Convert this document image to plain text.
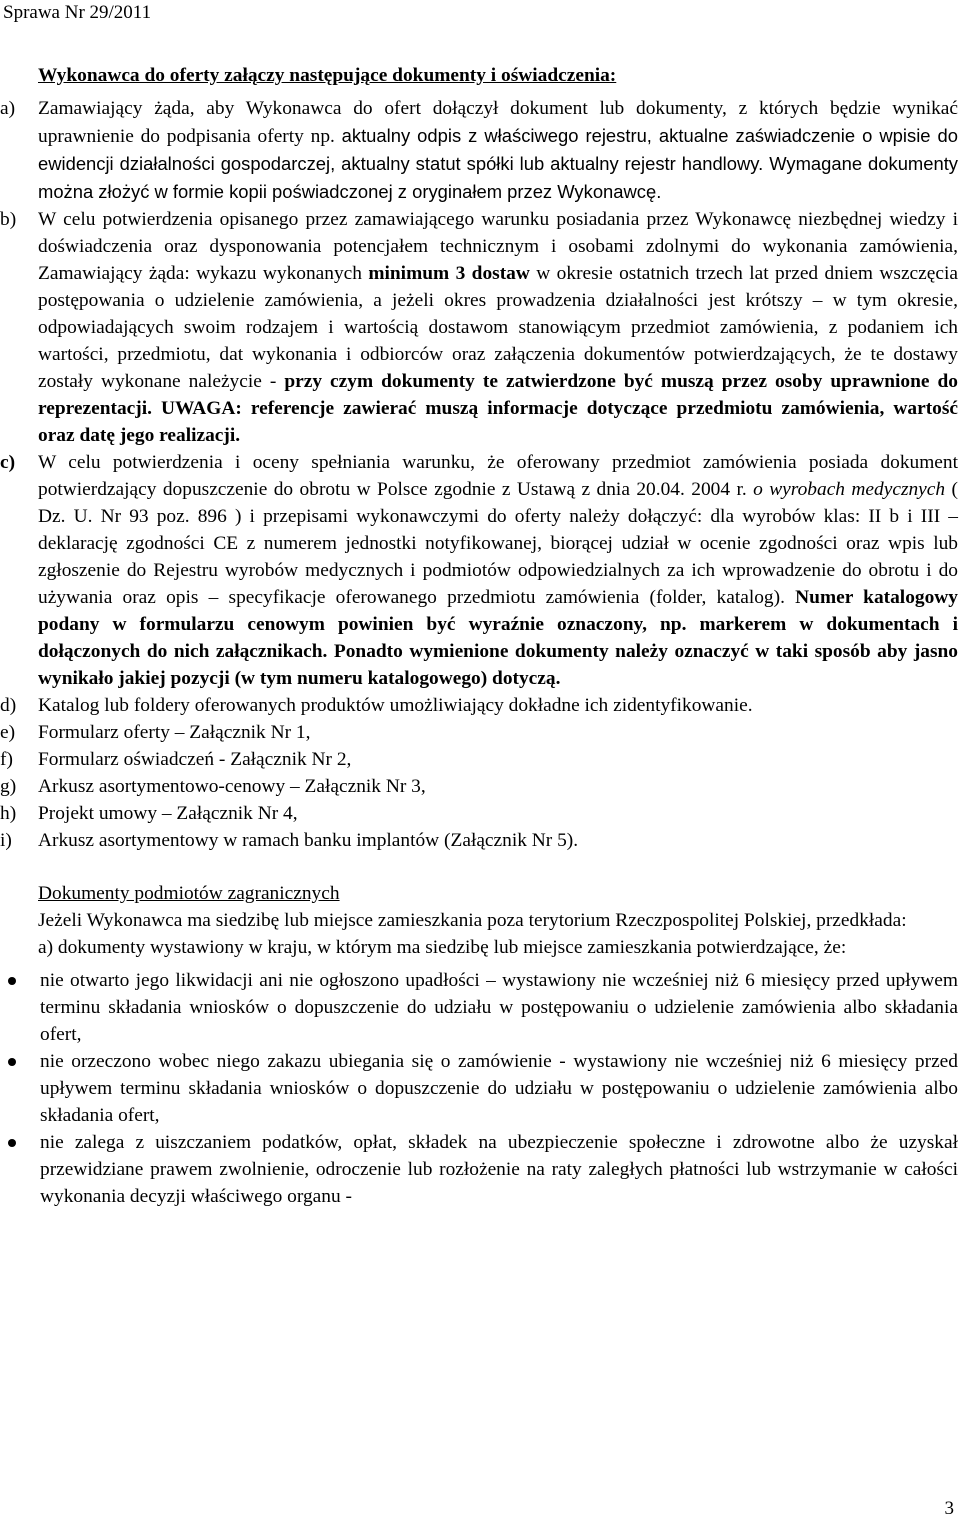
Sprawa Nr 29/2011
Wykonawca do oferty załączy następujące dokumenty i oświadczenia:
a) Zamawiający żąda, aby Wykonawca do ofert dołączył dokument lub dokumenty, z których będzie wynikać uprawnienie do podpisania oferty np. aktualny odpis z właściwego rejestru, aktualne zaświadczenie o wpisie do ewidencji działalności gospodarczej, aktualny statut spółki lub aktualny rejestr handlowy. Wymagane dokumenty można złożyć w formie kopii poświadczonej z oryginałem przez Wykonawcę.
b) W celu potwierdzenia opisanego przez zamawiającego warunku posiadania przez Wykonawcę niezbędnej wiedzy i doświadczenia oraz dysponowania potencjałem technicznym i osobami zdolnymi do wykonania zamówienia, Zamawiający żąda: wykazu wykonanych minimum 3 dostaw w okresie ostatnich trzech lat przed dniem wszczęcia postępowania o udzielenie zamówienia, a jeżeli okres prowadzenia działalności jest krótszy – w tym okresie, odpowiadających swoim rodzajem i wartością dostawom stanowiącym przedmiot zamówienia, z podaniem ich wartości, przedmiotu, dat wykonania i odbiorców oraz załączenia dokumentów potwierdzających, że te dostawy zostały wykonane należycie - przy czym dokumenty te zatwierdzone być muszą przez osoby uprawnione do reprezentacji. UWAGA: referencje zawierać muszą informacje dotyczące przedmiotu zamówienia, wartość oraz datę jego realizacji.
c) W celu potwierdzenia i oceny spełniania warunku, że oferowany przedmiot zamówienia posiada dokument potwierdzający dopuszczenie do obrotu w Polsce zgodnie z Ustawą z dnia 20.04. 2004 r. o wyrobach medycznych ( Dz. U. Nr 93 poz. 896 ) i przepisami wykonawczymi do oferty należy dołączyć: dla wyrobów klas: II b i III – deklarację zgodności CE z numerem jednostki notyfikowanej, biorącej udział w ocenie zgodności oraz wpis lub zgłoszenie do Rejestru wyrobów medycznych i podmiotów odpowiedzialnych za ich wprowadzenie do obrotu i do używania oraz opis – specyfikacje oferowanego przedmiotu zamówienia (folder, katalog). Numer katalogowy podany w formularzu cenowym powinien być wyraźnie oznaczony, np. markerem w dokumentach i dołączonych do nich załącznikach. Ponadto wymienione dokumenty należy oznaczyć w taki sposób aby jasno wynikało jakiej pozycji (w tym numeru katalogowego) dotyczą.
d) Katalog lub foldery oferowanych produktów umożliwiający dokładne ich zidentyfikowanie.
e) Formularz oferty – Załącznik Nr 1,
f) Formularz oświadczeń - Załącznik Nr 2,
g) Arkusz asortymentowo-cenowy – Załącznik Nr 3,
h) Projekt umowy – Załącznik Nr 4,
i) Arkusz asortymentowy w ramach banku implantów (Załącznik Nr 5).
Dokumenty podmiotów zagranicznych

Jeżeli Wykonawca ma siedzibę lub miejsce zamieszkania poza terytorium Rzeczpospolitej Polskiej, przedkłada:

a) dokumenty wystawiony w kraju, w którym ma siedzibę lub miejsce zamieszkania potwierdzające, że:

nie otwarto jego likwidacji ani nie ogłoszono upadłości – wystawiony nie wcześniej niż 6 miesięcy przed upływem terminu składania wniosków o dopuszczenie do udziału w postępowaniu o udzielenie zamówienia albo składania ofert,
nie orzeczono wobec niego zakazu ubiegania się o zamówienie - wystawiony nie wcześniej niż 6 miesięcy przed upływem terminu składania wniosków o dopuszczenie do udziału w postępowaniu o udzielenie zamówienia albo składania ofert,
nie zalega z uiszczaniem podatków, opłat, składek na ubezpieczenie społeczne i zdrowotne albo że uzyskał przewidziane prawem zwolnienie, odroczenie lub rozłożenie na raty zaległych płatności lub wstrzymanie w całości wykonania decyzji właściwego organu -
3
